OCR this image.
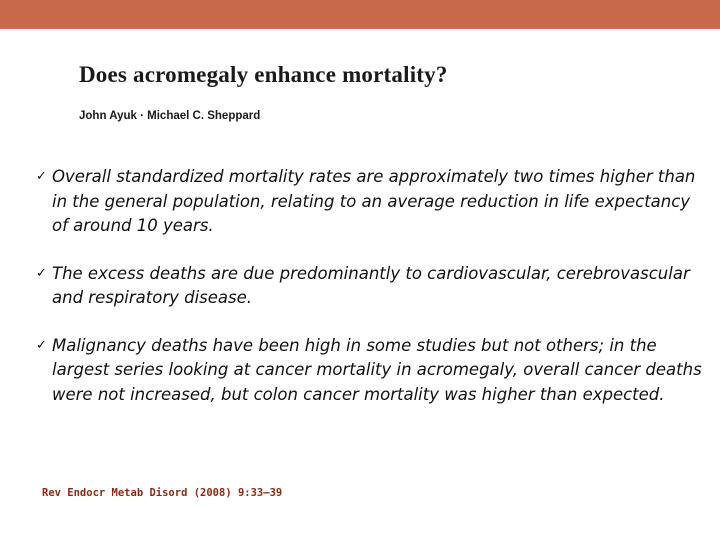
Does acromegaly enhance mortality?
John Ayuk · Michael C. Sheppard
✓ Overall standardized mortality rates are approximately two times higher than in the general population, relating to an average reduction in life expectancy of around 10 years.
✓ The excess deaths are due predominantly to cardiovascular, cerebrovascular and respiratory disease.
✓ Malignancy deaths have been high in some studies but not others; in the largest series looking at cancer mortality in acromegaly, overall cancer deaths were not increased, but colon cancer mortality was higher than expected.
Rev Endocr Metab Disord (2008) 9:33–39
